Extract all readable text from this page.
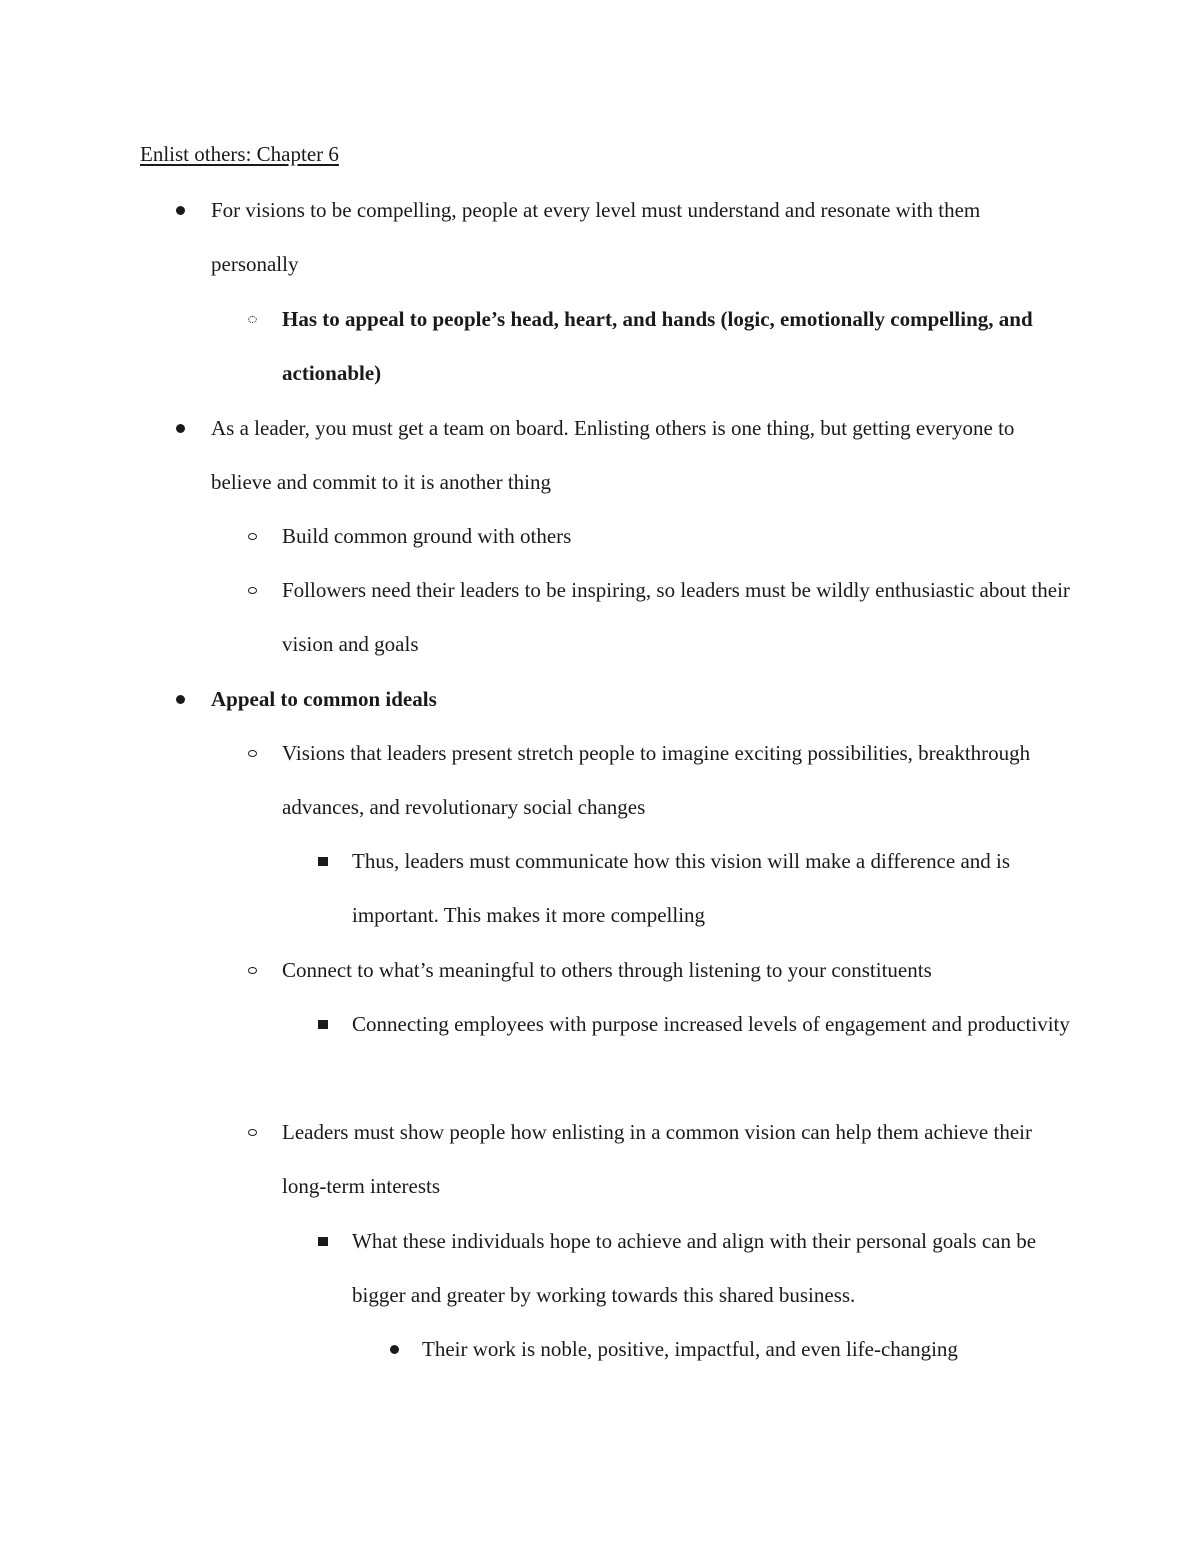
Enlist others: Chapter 6
For visions to be compelling, people at every level must understand and resonate with them personally
Has to appeal to people’s head, heart, and hands (logic, emotionally compelling, and actionable)
As a leader, you must get a team on board. Enlisting others is one thing, but getting everyone to believe and commit to it is another thing
Build common ground with others
Followers need their leaders to be inspiring, so leaders must be wildly enthusiastic about their vision and goals
Appeal to common ideals
Visions that leaders present stretch people to imagine exciting possibilities, breakthrough advances, and revolutionary social changes
Thus, leaders must communicate how this vision will make a difference and is important. This makes it more compelling
Connect to what’s meaningful to others through listening to your constituents
Connecting employees with purpose increased levels of engagement and productivity
Leaders must show people how enlisting in a common vision can help them achieve their long-term interests
What these individuals hope to achieve and align with their personal goals can be bigger and greater by working towards this shared business.
Their work is noble, positive, impactful, and even life-changing
